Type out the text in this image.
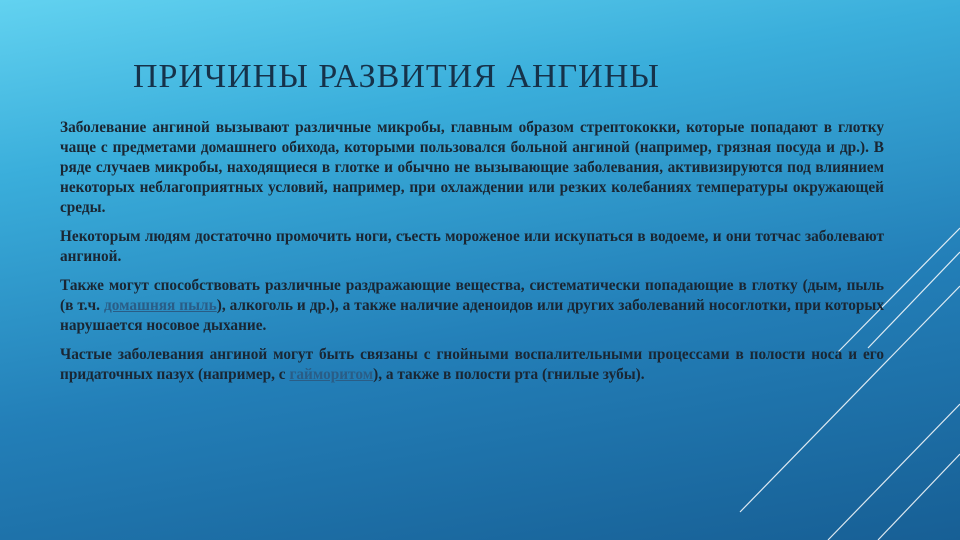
ПРИЧИНЫ РАЗВИТИЯ АНГИНЫ

Заболевание ангиной вызывают различные микробы, главным образом стрептококки, которые попадают в глотку чаще с предметами домашнего обихода, которыми пользовался больной ангиной (например, грязная посуда и др.). В ряде случаев микробы, находящиеся в глотке и обычно не вызывающие заболевания, активизируются под влиянием некоторых неблагоприятных условий, например, при охлаждении или резких колебаниях температуры окружающей среды.

Некоторым людям достаточно промочить ноги, съесть мороженое или искупаться в водоеме, и они тотчас заболевают ангиной.

Также могут способствовать различные раздражающие вещества, систематически попадающие в глотку (дым, пыль (в т.ч. домашняя пыль), алкоголь и др.), а также наличие аденоидов или других заболеваний носоглотки, при которых нарушается носовое дыхание.

Частые заболевания ангиной могут быть связаны с гнойными воспалительными процессами в полости носа и его придаточных пазух (например, с гайморитом), а также в полости рта (гнилые зубы).
